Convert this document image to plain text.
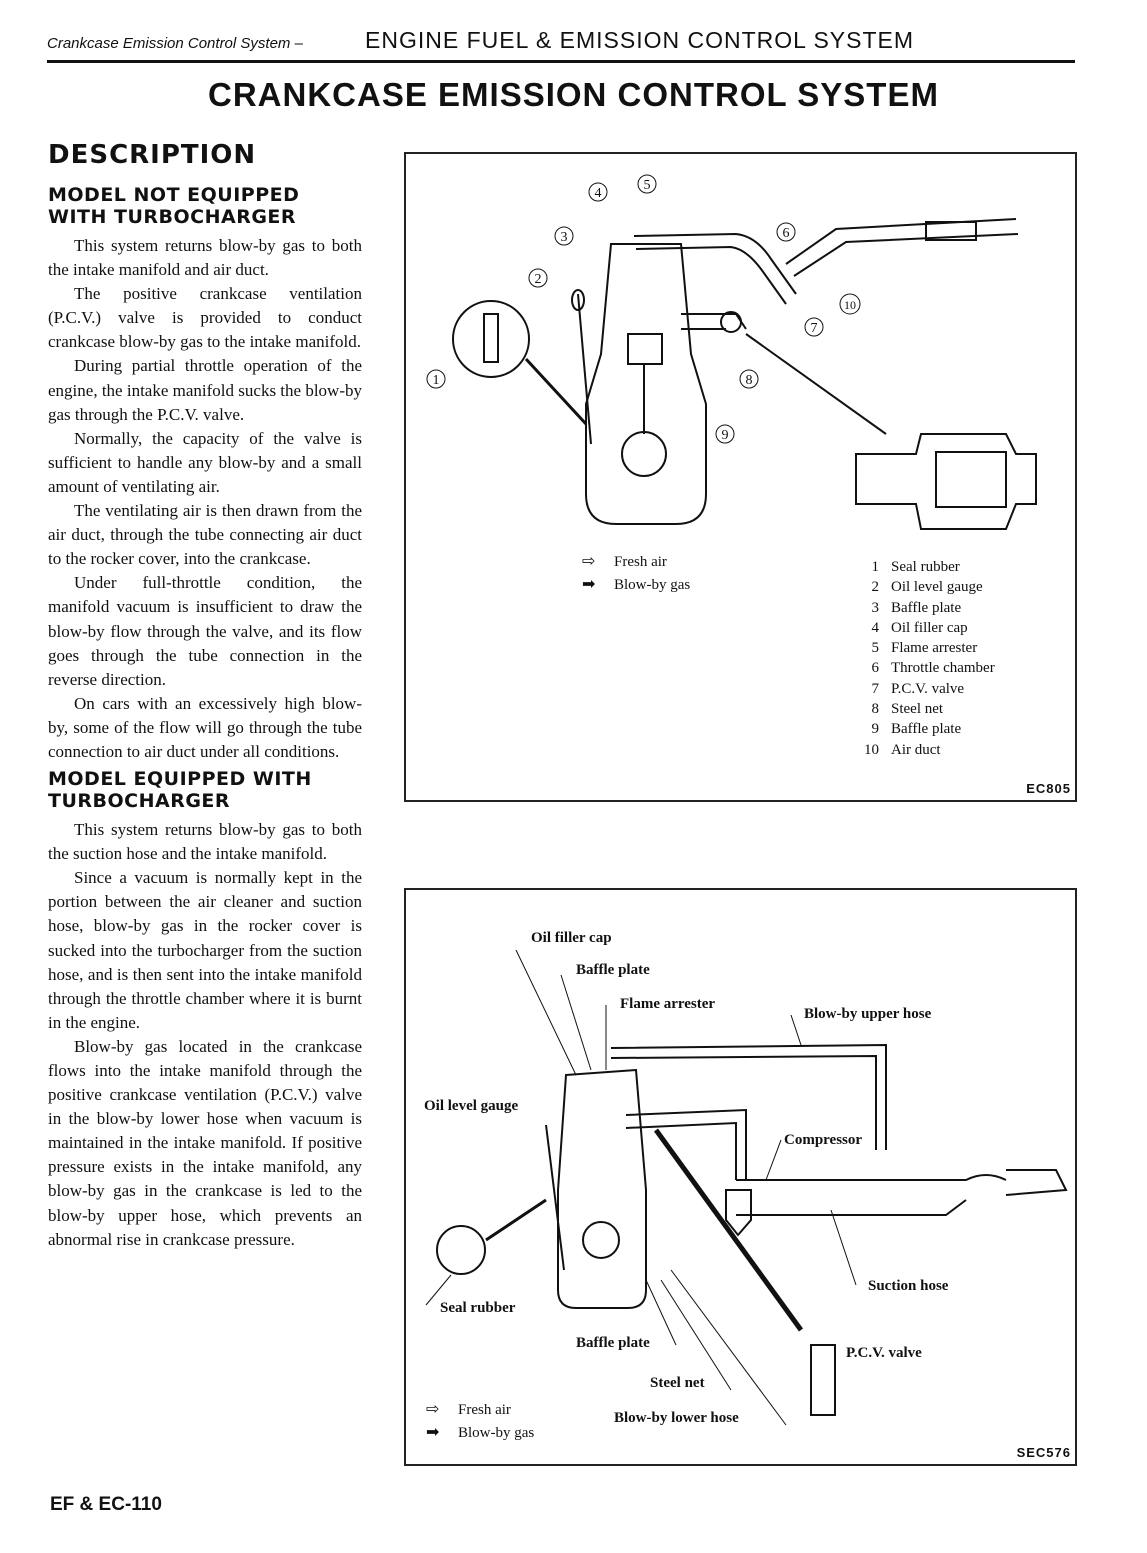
Crankcase Emission Control System –	ENGINE FUEL & EMISSION CONTROL SYSTEM
CRANKCASE EMISSION CONTROL SYSTEM
DESCRIPTION
MODEL NOT EQUIPPED
WITH TURBOCHARGER

This system returns blow-by gas to both the intake manifold and air duct.

The positive crankcase ventilation (P.C.V.) valve is provided to conduct crankcase blow-by gas to the intake manifold.

During partial throttle operation of the engine, the intake manifold sucks the blow-by gas through the P.C.V. valve.

Normally, the capacity of the valve is sufficient to handle any blow-by and a small amount of ventilating air.

The ventilating air is then drawn from the air duct, through the tube connecting air duct to the rocker cover, into the crankcase.

Under full-throttle condition, the manifold vacuum is insufficient to draw the blow-by flow through the valve, and its flow goes through the tube connection in the reverse direction.

On cars with an excessively high blow-by, some of the flow will go through the tube connection to air duct under all conditions.

MODEL EQUIPPED WITH
TURBOCHARGER

This system returns blow-by gas to both the suction hose and the intake manifold.

Since a vacuum is normally kept in the portion between the air cleaner and suction hose, blow-by gas in the rocker cover is sucked into the turbocharger from the suction hose, and is then sent into the intake manifold through the throttle chamber where it is burnt in the engine.

Blow-by gas located in the crankcase flows into the intake manifold through the positive crankcase ventilation (P.C.V.) valve in the blow-by lower hose when vacuum is maintained in the intake manifold. If positive pressure exists in the intake manifold, any blow-by gas in the crankcase is led to the blow-by upper hose, which prevents an abnormal rise in crankcase pressure.

1
2
3
4
5
6
7
8
9
10
⇨ Fresh air
➡ Blow-by gas
1 Seal rubber
2 Oil level gauge
3 Baffle plate
4 Oil filler cap
5 Flame arrester
6 Throttle chamber
7 P.C.V. valve
8 Steel net
9 Baffle plate
10 Air duct
EC805
Oil filler cap
Baffle plate
Flame arrester
Blow-by upper hose
Oil level gauge
Compressor
Suction hose
Seal rubber
Baffle plate
P.C.V. valve
Steel net
Blow-by lower hose
⇨ Fresh air
➡ Blow-by gas
SEC576
EF & EC-110
